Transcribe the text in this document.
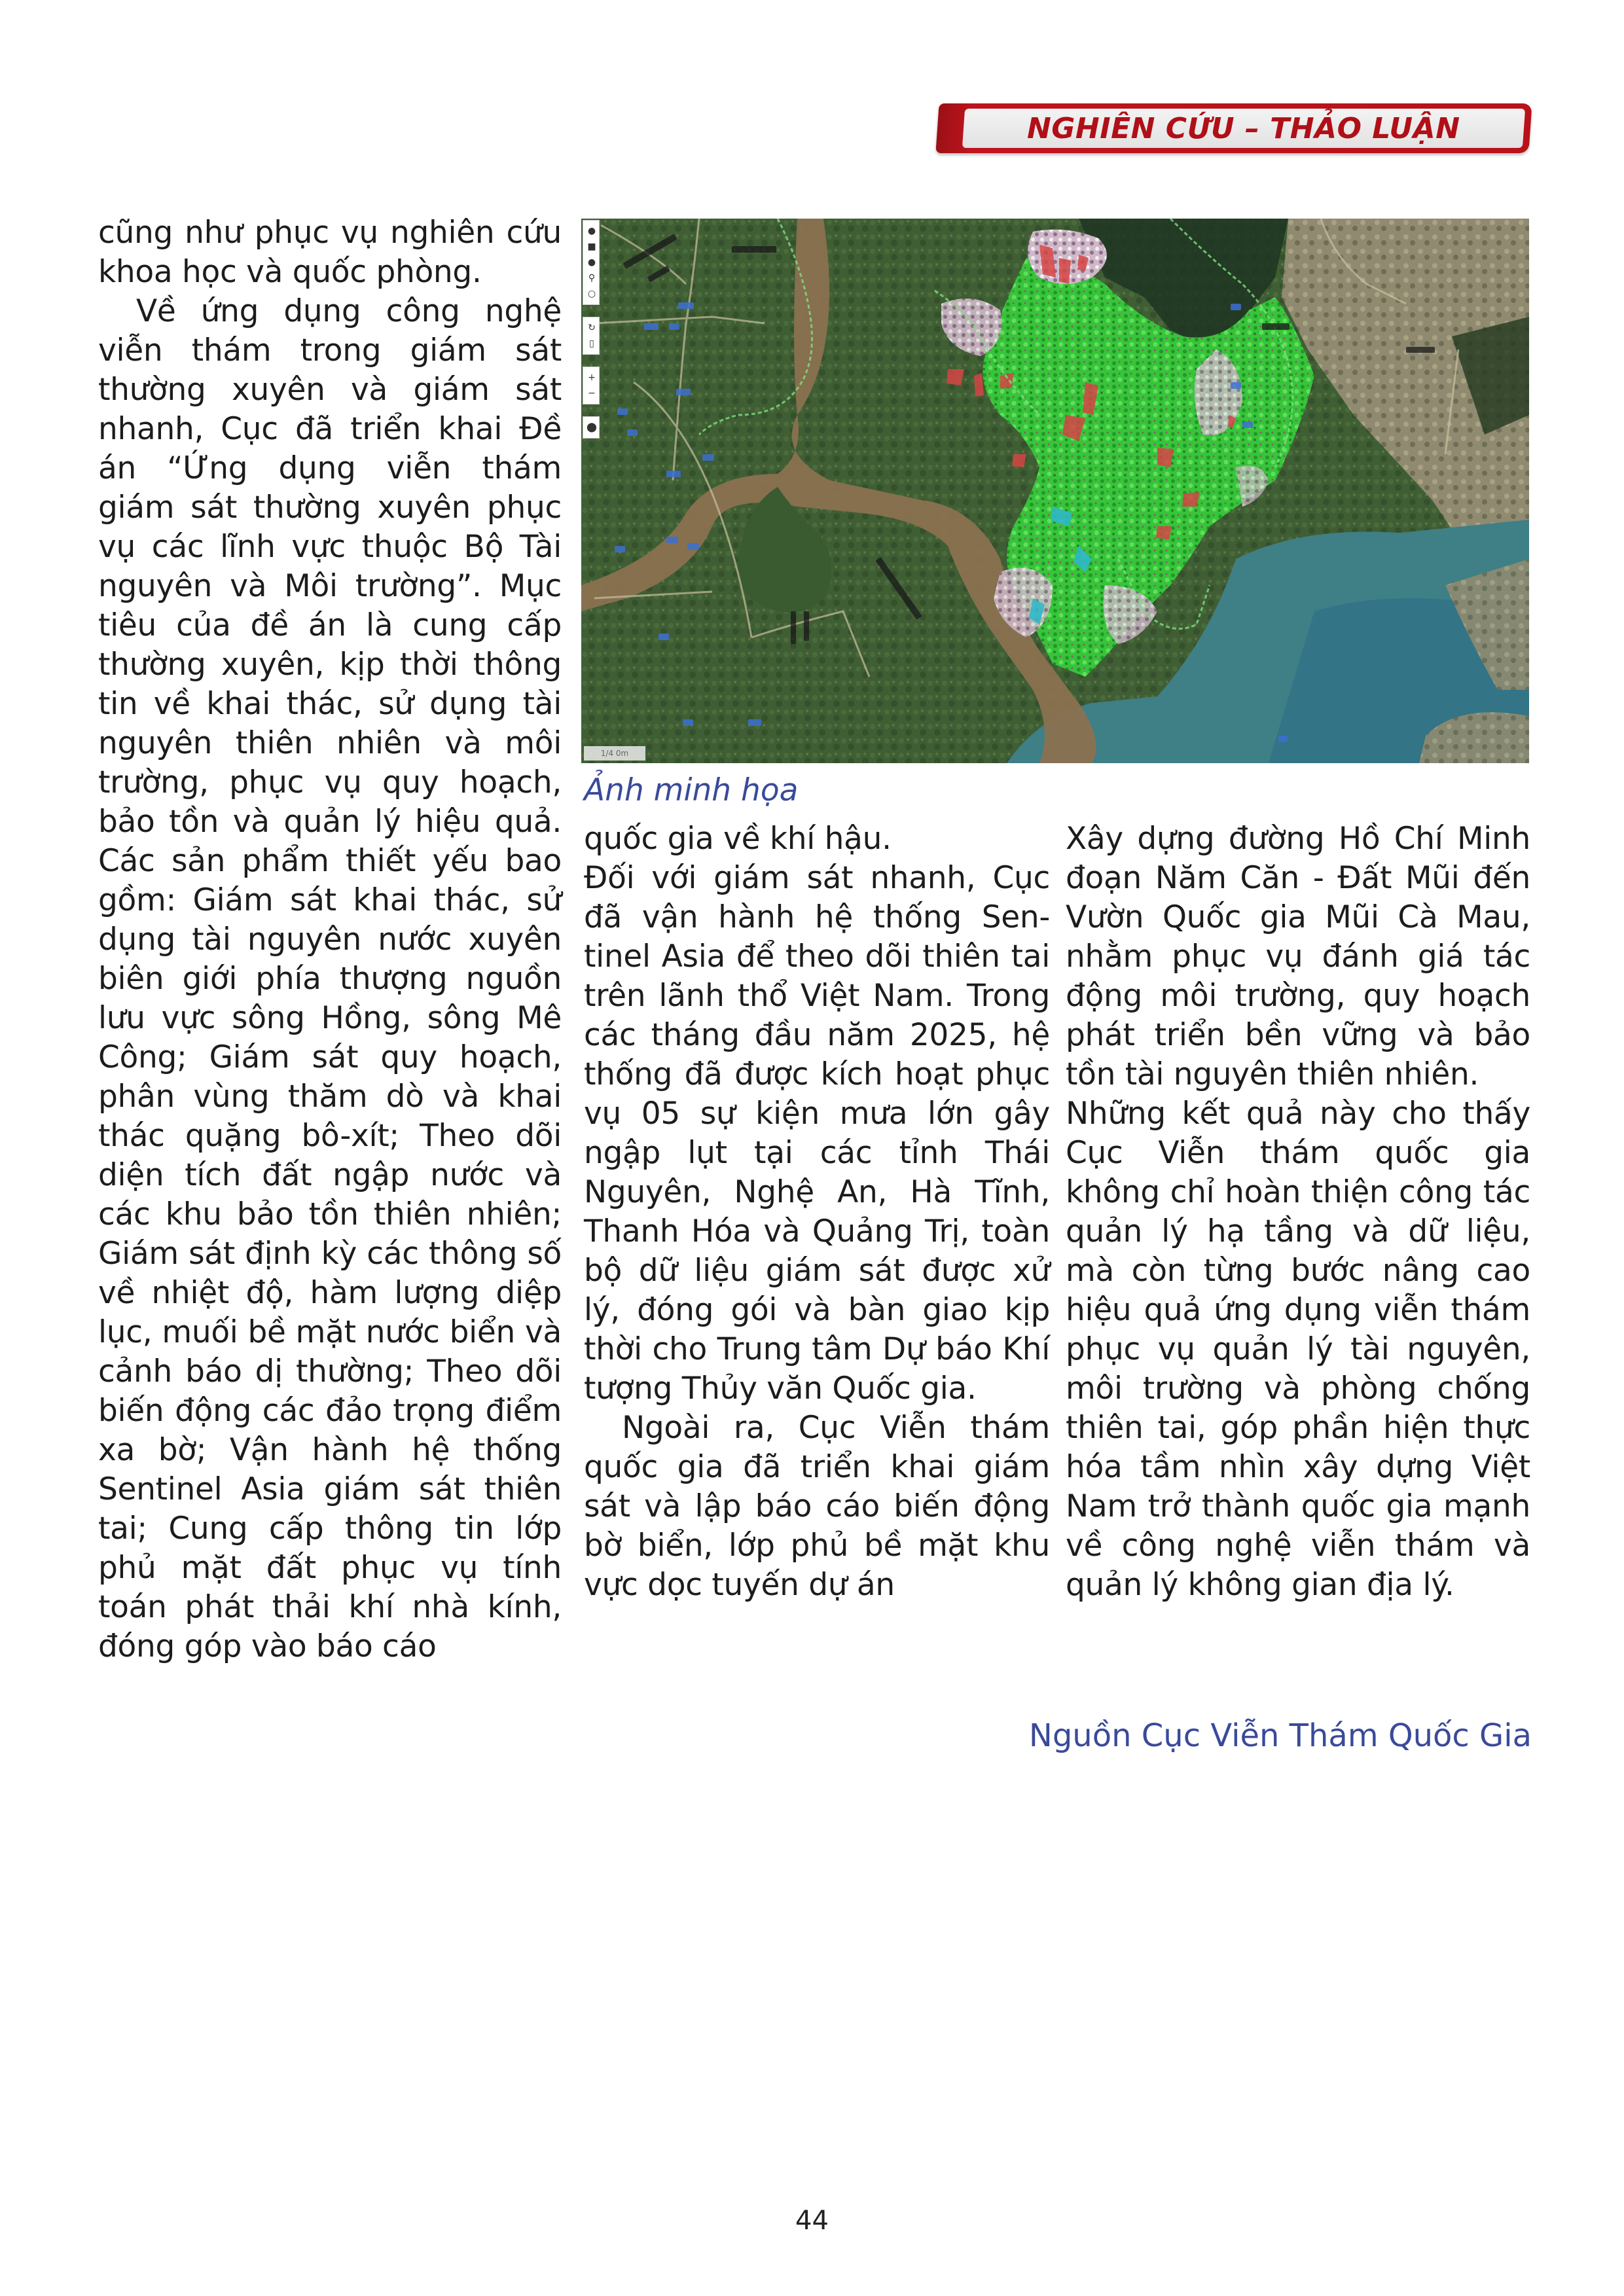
NGHIÊN CỨU – THẢO LUẬN

cũng như phục vụ nghiên cứu khoa học và quốc phòng.

Về ứng dụng công nghệ viễn thám trong giám sát thường xuyên và giám sát nhanh, Cục đã triển khai Đề án “Ứng dụng viễn thám giám sát thường xuyên phục vụ các lĩnh vực thuộc Bộ Tài nguyên và Môi trường”. Mục tiêu của đề án là cung cấp thường xuyên, kịp thời thông tin về khai thác, sử dụng tài nguyên thiên nhiên và môi trường, phục vụ quy hoạch, bảo tồn và quản lý hiệu quả. Các sản phẩm thiết yếu bao gồm: Giám sát khai thác, sử dụng tài nguyên nước xuyên biên giới phía thượng nguồn lưu vực sông Hồng, sông Mê Công; Giám sát quy hoạch, phân vùng thăm dò và khai thác quặng bô-xít; Theo dõi diện tích đất ngập nước và các khu bảo tồn thiên nhiên; Giám sát định kỳ các thông số về nhiệt độ, hàm lượng diệp lục, muối bề mặt nước biển và cảnh báo dị thường; Theo dõi biến động các đảo trọng điểm xa bờ; Vận hành hệ thống Sentinel Asia giám sát thiên tai; Cung cấp thông tin lớp phủ mặt đất phục vụ tính toán phát thải khí nhà kính, đóng góp vào báo cáo

●
■
●
⚲
○
↻
▯
+
−
⬤
1/4 0m
Ảnh minh họa

quốc gia về khí hậu.

Đối với giám sát nhanh, Cục đã vận hành hệ thống Sen-tinel Asia để theo dõi thiên tai trên lãnh thổ Việt Nam. Trong các tháng đầu năm 2025, hệ thống đã được kích hoạt phục vụ 05 sự kiện mưa lớn gây ngập lụt tại các tỉnh Thái Nguyên, Nghệ An, Hà Tĩnh, Thanh Hóa và Quảng Trị, toàn bộ dữ liệu giám sát được xử lý, đóng gói và bàn giao kịp thời cho Trung tâm Dự báo Khí tượng Thủy văn Quốc gia.

Ngoài ra, Cục Viễn thám quốc gia đã triển khai giám sát và lập báo cáo biến động bờ biển, lớp phủ bề mặt khu vực dọc tuyến dự án

Xây dựng đường Hồ Chí Minh đoạn Năm Căn - Đất Mũi đến Vườn Quốc gia Mũi Cà Mau, nhằm phục vụ đánh giá tác động môi trường, quy hoạch phát triển bền vững và bảo tồn tài nguyên thiên nhiên.

Những kết quả này cho thấy Cục Viễn thám quốc gia không chỉ hoàn thiện công tác quản lý hạ tầng và dữ liệu, mà còn từng bước nâng cao hiệu quả ứng dụng viễn thám phục vụ quản lý tài nguyên, môi trường và phòng chống thiên tai, góp phần hiện thực hóa tầm nhìn xây dựng Việt Nam trở thành quốc gia mạnh về công nghệ viễn thám và quản lý không gian địa lý.

Nguồn Cục Viễn Thám Quốc Gia
44
